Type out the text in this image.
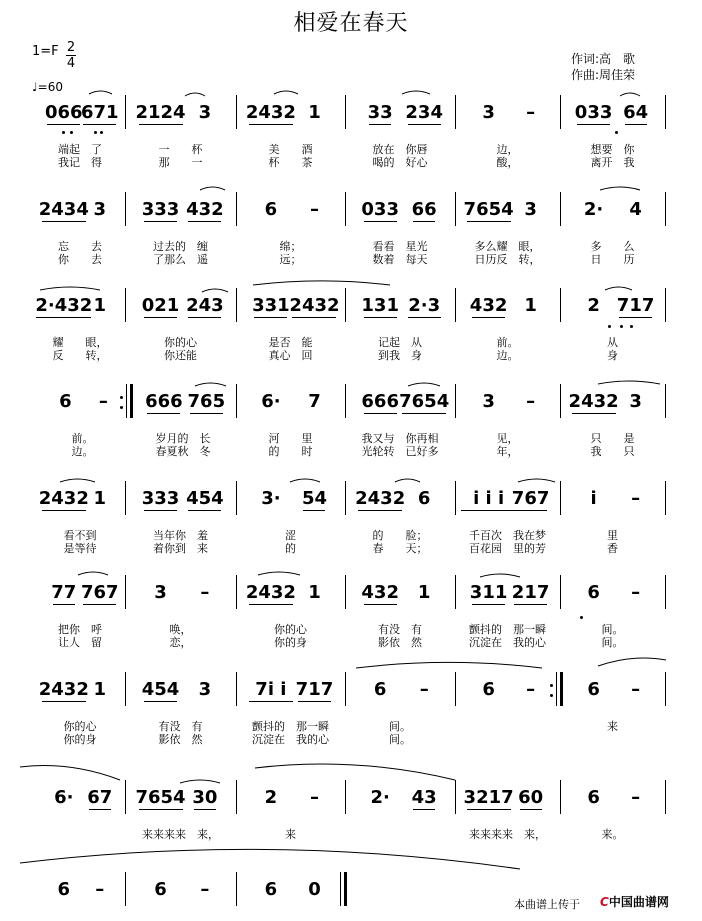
相爱在春天
$1=F \frac{2}{4}$
♩=60
作词:高　歌
作曲:周佳荣
066
671
端起　了
我记　得
2124 3
一　　杯
那　　一
2432 1
美　　酒
杯　　茶
33 234
放在　你唇
喝的　好心
3 –
边，
酸，
033 64
想要　你
离开　我
2434 3
忘　　去
你　　去
333 432
过去的　缠
了那么　遥
6 –
绵；
远；
033 66
看看　星光
数着　每天
7654 3
多么耀　眼，
日历反　转，
2· 4
多　　么
日　　历
2·432 1
耀　　眼，
反　　转，
021 243
你的心
你还能
331 2432
是否　能
真心　回
131 2·3
记起　从
到我　身
432 1
前。
边。
2 717
从
身
6 –
前。
边。
666 765
岁月的　长
春夏秋　冬
6· 7
河　　里
的　　时
666 7654
我又与　你再相
光轮转　已好多
3 –
见，
年，
2432 3
只　　是
我　　只
2432 1
看不到
是等待
333 454
当年你　羞
着你到　来
3· 54
涩
的
2432 6
的　　脸；
春　　天；
i i i 767
千百次　我在梦
百花园　里的芳
i –
里
香
77 767
把你　呼
让人　留
3 –
唤，
恋，
2432 1
你的心
你的身
432 1
有没　有
影依　然
311 217
颤抖的　那一瞬
沉淀在　我的心
6 –
间。
间。
2432 1
你的心
你的身
454 3
有没　有
影依　然
7i i 717
颤抖的　那一瞬
沉淀在　我的心
6 –
间。
间。
6 –	6 –
来
6· 67 7654 30
来来来来　来，
2 –
来
2· 43 3217 60
来来来来　来，
6 –
来。
6 –	6 –	6 0
本曲谱上传于 C中国曲谱网
